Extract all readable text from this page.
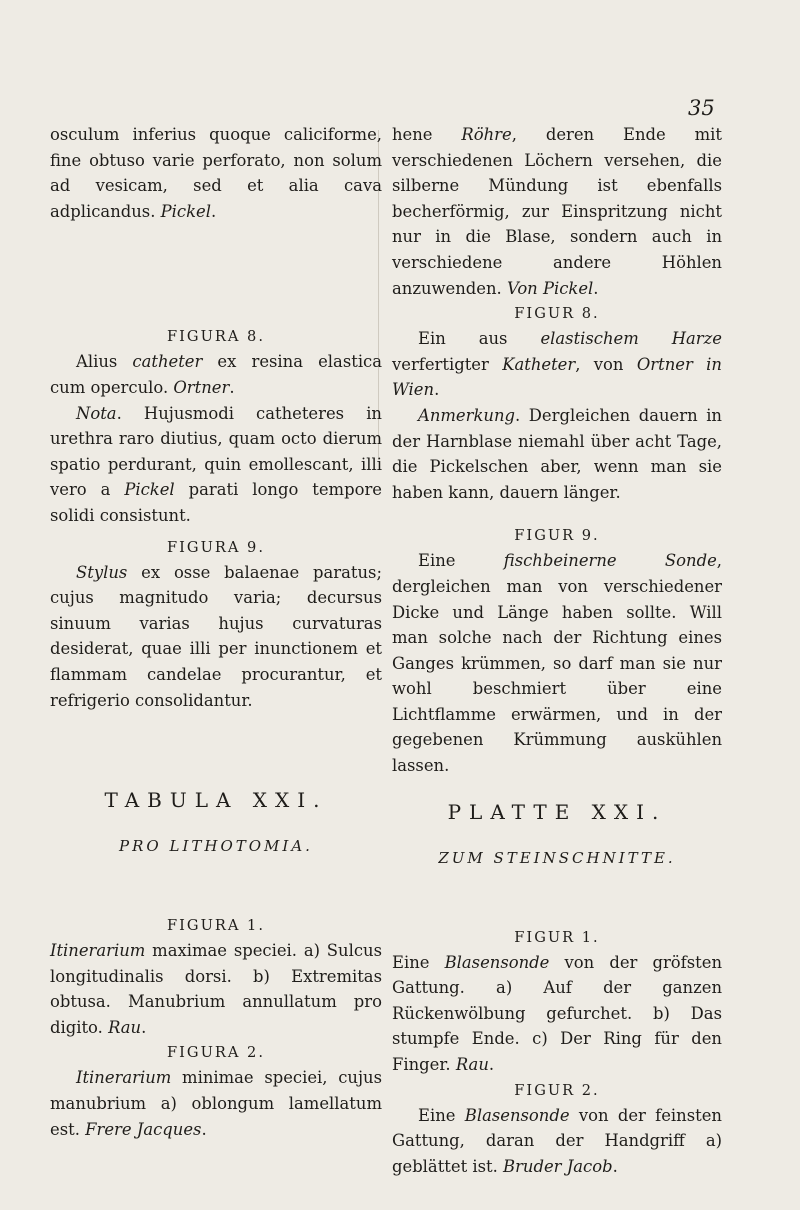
35

osculum inferius quoque caliciforme, fine obtuso varie perforato, non solum ad vesicam, sed et alia cava adplicandus. Pickel.

FIGURA 8.

Alius catheter ex resina elastica cum operculo. Ortner.

Nota. Hujusmodi catheteres in urethra raro diutius, quam octo dierum spatio perdurant, quin emollescant, illi vero a Pickel parati longo tempore solidi consistunt.

FIGURA 9.

Stylus ex osse balaenae paratus; cujus magnitudo varia; decursus sinuum varias hujus curvaturas desiderat, quae illi per inunctionem et flammam candelae procurantur, et refrigerio consolidantur.

TABULA XXI.
PRO LITHOTOMIA.
FIGURA 1.

Itinerarium maximae speciei. a) Sulcus longitudinalis dorsi. b) Extremitas obtusa. Manubrium annullatum pro digito. Rau.

FIGURA 2.

Itinerarium minimae speciei, cujus manubrium a) oblongum lamellatum est. Frere Jacques.

hene Röhre, deren Ende mit verschiedenen Löchern versehen, die silberne Mündung ist ebenfalls becherförmig, zur Einspritzung nicht nur in die Blase, sondern auch in verschiedene andere Höhlen anzuwenden. Von Pickel.

FIGUR 8.

Ein aus elastischem Harze verfertigter Katheter, von Ortner in Wien.

Anmerkung. Dergleichen dauern in der Harnblase niemahl über acht Tage, die Pickelschen aber, wenn man sie haben kann, dauern länger.

FIGUR 9.

Eine fischbeinerne Sonde, dergleichen man von verschiedener Dicke und Länge haben sollte. Will man solche nach der Richtung eines Ganges krümmen, so darf man sie nur wohl beschmiert über eine Lichtflamme erwärmen, und in der gegebenen Krümmung auskühlen lassen.

PLATTE XXI.
ZUM STEINSCHNITTE.
FIGUR 1.

Eine Blasensonde von der gröfsten Gattung. a) Auf der ganzen Rückenwölbung gefurchet. b) Das stumpfe Ende. c) Der Ring für den Finger. Rau.

FIGUR 2.

Eine Blasensonde von der feinsten Gattung, daran der Handgriff a) geblättet ist. Bruder Jacob.
